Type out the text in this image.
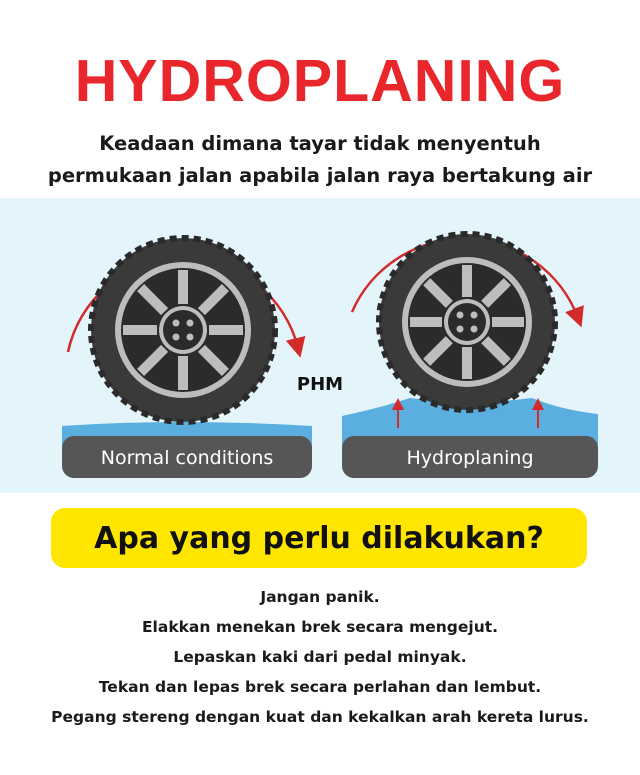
HYDROPLANING
Keadaan dimana tayar tidak menyentuh
permukaan jalan apabila jalan raya bertakung air
Normal conditions
PHM
Hydroplaning
Apa yang perlu dilakukan?
Jangan panik.
Elakkan menekan brek secara mengejut.
Lepaskan kaki dari pedal minyak.
Tekan dan lepas brek secara perlahan dan lembut.
Pegang stereng dengan kuat dan kekalkan arah kereta lurus.
